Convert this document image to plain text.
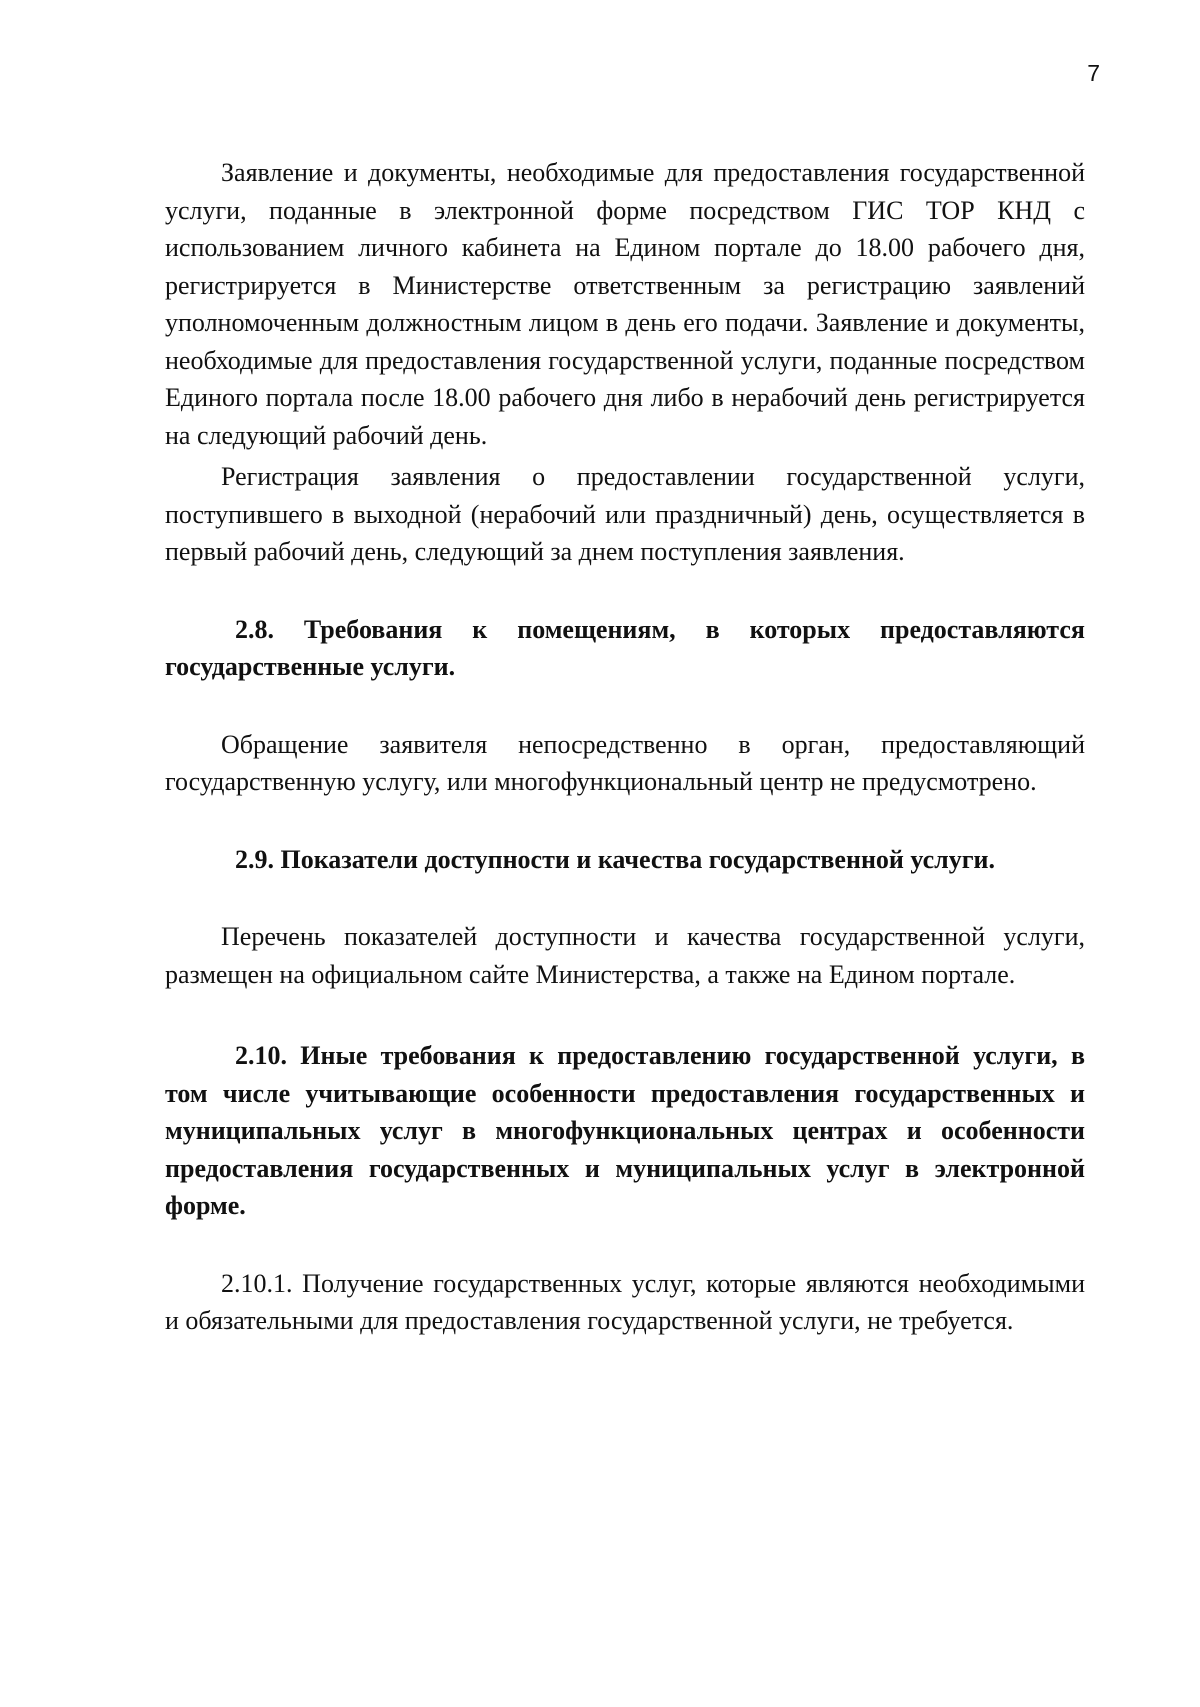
7

Заявление и документы, необходимые для предоставления государственной услуги, поданные в электронной форме посредством ГИС ТОР КНД с использованием личного кабинета на Едином портале до 18.00 рабочего дня, регистрируется в Министерстве ответственным за регистрацию заявлений уполномоченным должностным лицом в день его подачи. Заявление и документы, необходимые для предоставления государственной услуги, поданные посредством Единого портала после 18.00 рабочего дня либо в нерабочий день регистрируется на следующий рабочий день.

Регистрация заявления о предоставлении государственной услуги, поступившего в выходной (нерабочий или праздничный) день, осуществляется в первый рабочий день, следующий за днем поступления заявления.

2.8. Требования к помещениям, в которых предоставляются государственные услуги.

Обращение заявителя непосредственно в орган, предоставляющий государственную услугу, или многофункциональный центр не предусмотрено.

2.9. Показатели доступности и качества государственной услуги.

Перечень показателей доступности и качества государственной услуги, размещен на официальном сайте Министерства, а также на Едином портале.

2.10. Иные требования к предоставлению государственной услуги, в том числе учитывающие особенности предоставления государственных и муниципальных услуг в многофункциональных центрах и особенности предоставления государственных и муниципальных услуг в электронной форме.

2.10.1. Получение государственных услуг, которые являются необходимыми и обязательными для предоставления государственной услуги, не требуется.
